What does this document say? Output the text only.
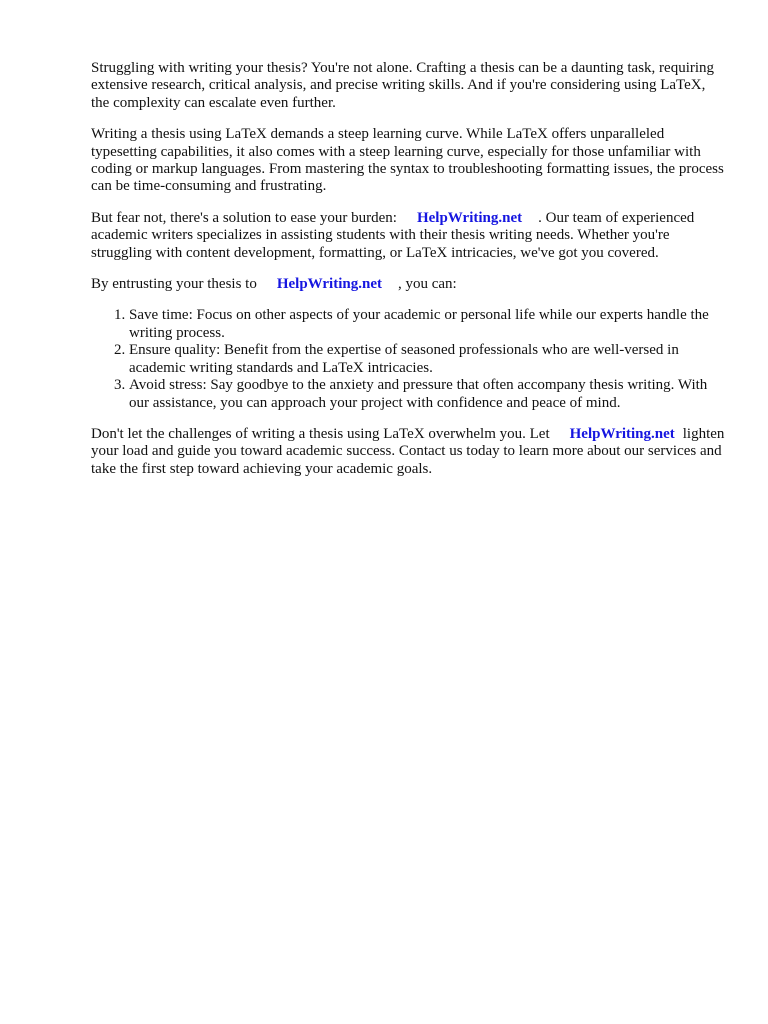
Struggling with writing your thesis? You're not alone. Crafting a thesis can be a daunting task, requiring extensive research, critical analysis, and precise writing skills. And if you're considering using LaTeX, the complexity can escalate even further.

Writing a thesis using LaTeX demands a steep learning curve. While LaTeX offers unparalleled typesetting capabilities, it also comes with a steep learning curve, especially for those unfamiliar with coding or markup languages. From mastering the syntax to troubleshooting formatting issues, the process can be time-consuming and frustrating.

But fear not, there's a solution to ease your burden: HelpWriting.net . Our team of experienced academic writers specializes in assisting students with their thesis writing needs. Whether you're struggling with content development, formatting, or LaTeX intricacies, we've got you covered.

By entrusting your thesis to HelpWriting.net , you can:

1. Save time: Focus on other aspects of your academic or personal life while our experts handle the writing process.
2. Ensure quality: Benefit from the expertise of seasoned professionals who are well-versed in academic writing standards and LaTeX intricacies.
3. Avoid stress: Say goodbye to the anxiety and pressure that often accompany thesis writing. With our assistance, you can approach your project with confidence and peace of mind.

Don't let the challenges of writing a thesis using LaTeX overwhelm you. Let HelpWriting.net lighten your load and guide you toward academic success. Contact us today to learn more about our services and take the first step toward achieving your academic goals.
